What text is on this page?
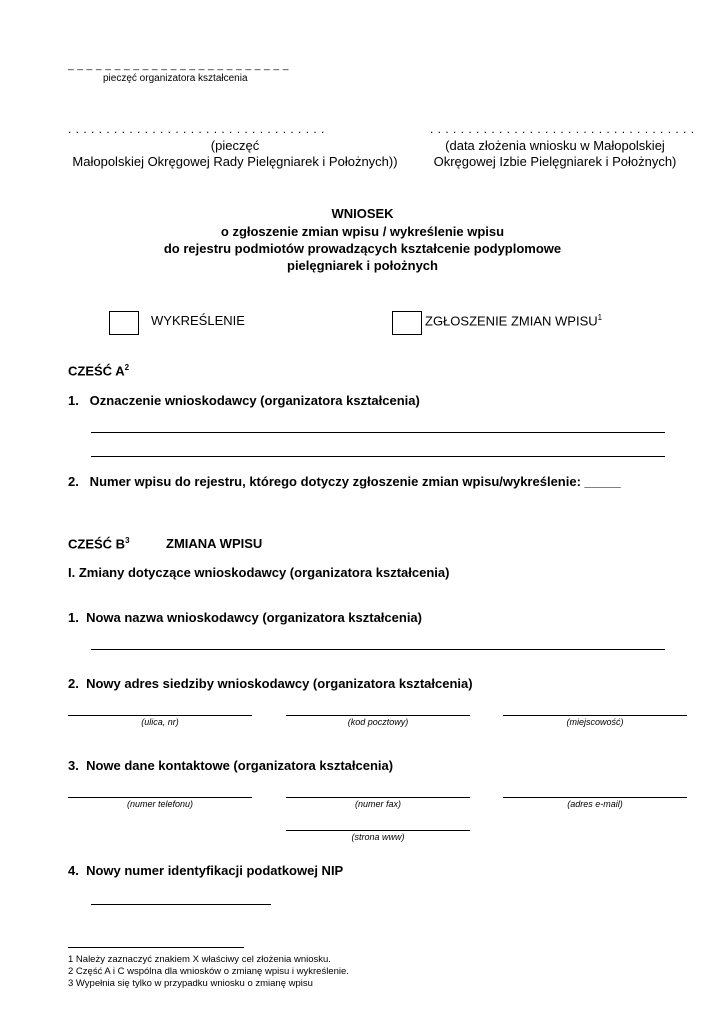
_ _ _ _ _ _ _ _ _ _ _ _ _ _ _ _ _ _ _ _ _ _ _ _
pieczęć organizatora kształcenia
. . . . . . . . . . . . . . . . . . . . . . . . . . . . . . . . . .	. . . . . . . . . . . . . . . . . . . . . . . . . . . . . . . . . . .
(pieczęć
Małopolskiej Okręgowej Rady Pielęgniarek i Położnych))
(data złożenia wniosku w Małopolskiej
Okręgowej Izbie Pielęgniarek i Położnych)
WNIOSEK
o zgłoszenie zmian wpisu / wykreślenie wpisu
do rejestru podmiotów prowadzących kształcenie podyplomowe
pielęgniarek i położnych
WYKREŚLENIE	ZGŁOSZENIE ZMIAN WPISU$^1$
CZEŚĆ $A^2$
1.   Oznaczenie wnioskodawcy (organizatora kształcenia)
2.   Numer wpisu do rejestru, którego dotyczy zgłoszenie zmian wpisu/wykreślenie: _____
CZEŚĆ $B^3$	ZMIANA WPISU
I. Zmiany dotyczące wnioskodawcy (organizatora kształcenia)
1.  Nowa nazwa wnioskodawcy (organizatora kształcenia)
2.  Nowy adres siedziby wnioskodawcy (organizatora kształcenia)
(ulica, nr)	(kod pocztowy)	(miejscowość)
3.  Nowe dane kontaktowe (organizatora kształcenia)
(numer telefonu)	(numer fax)	(adres e-mail)
(strona www)
4.  Nowy numer identyfikacji podatkowej NIP
1 Należy zaznaczyć znakiem X właściwy cel złożenia wniosku.
2 Część A i C wspólna dla wniosków o zmianę wpisu i wykreślenie.
3 Wypełnia się tylko w przypadku wniosku o zmianę wpisu
